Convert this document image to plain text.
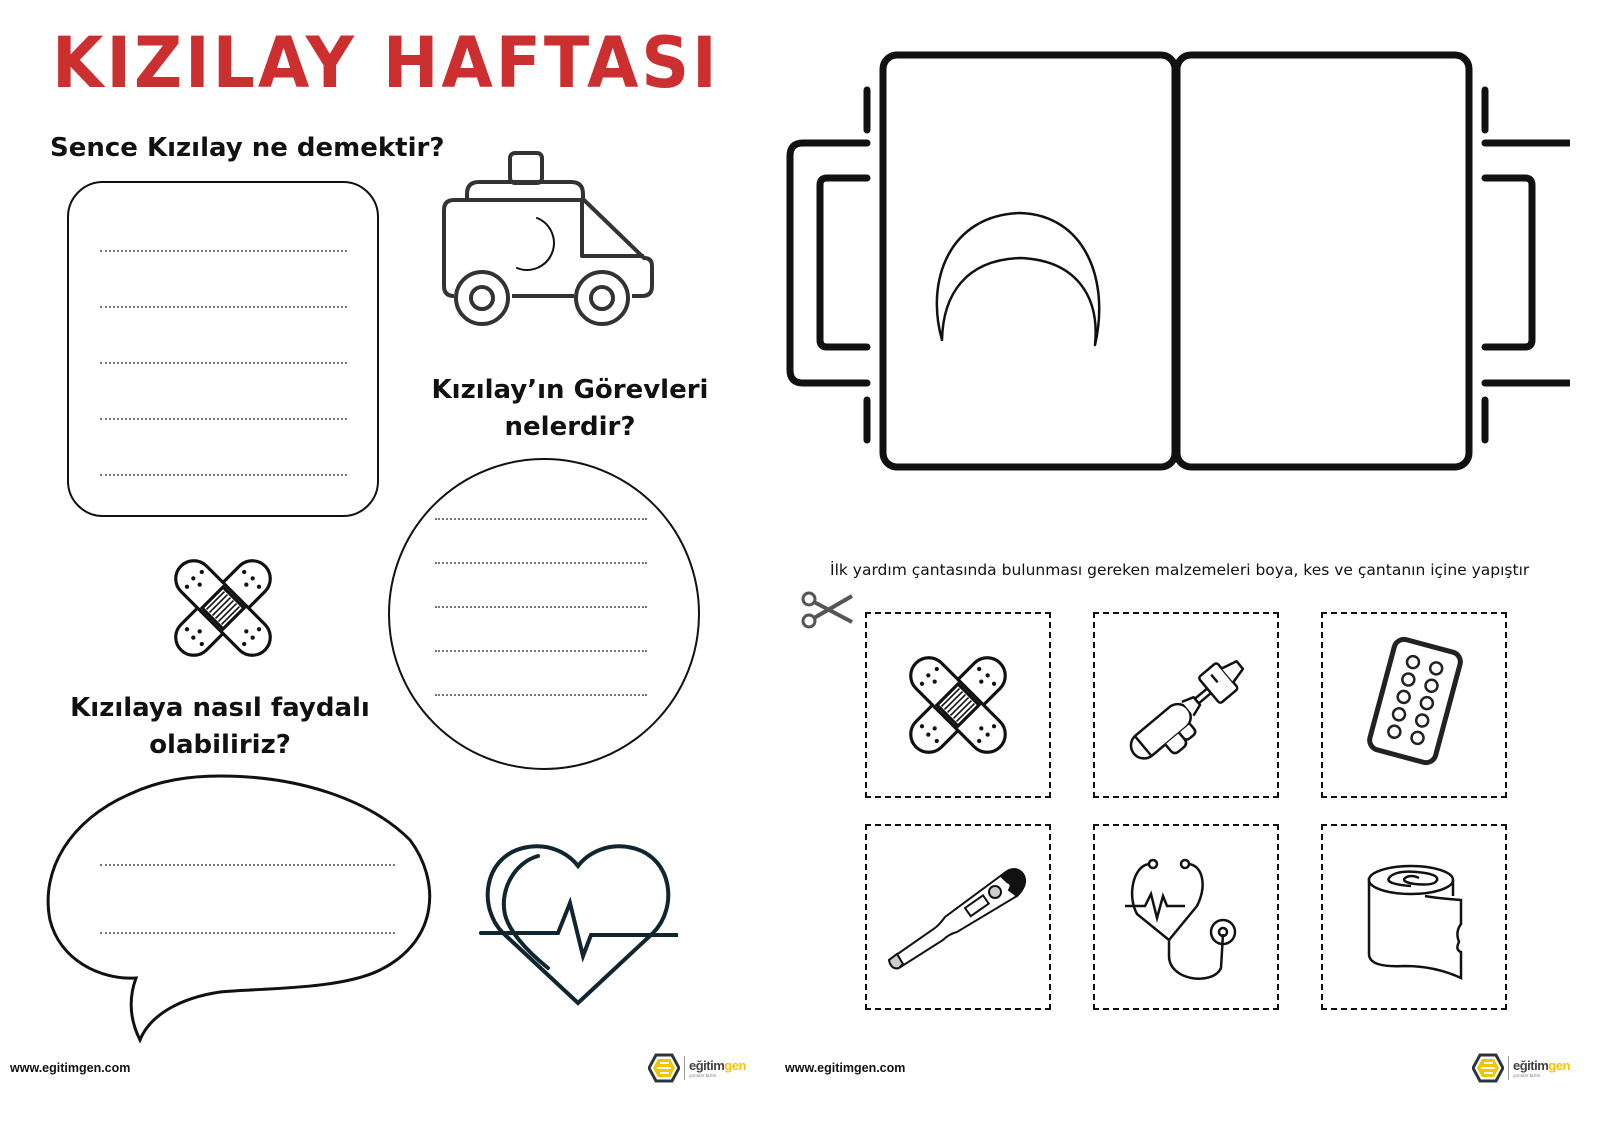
KIZILAY HAFTASI
Sence Kızılay ne demektir?
Kızılay’ın Görevleri
nelerdir?
Kızılaya nasıl faydalı
olabiliriz?
www.egitimgen.com	eğitimgen
yarınlar bizim
İlk yardım çantasında bulunması gereken malzemeleri boya, kes ve çantanın içine yapıştır
www.egitimgen.com	eğitimgen
yarınlar bizim
